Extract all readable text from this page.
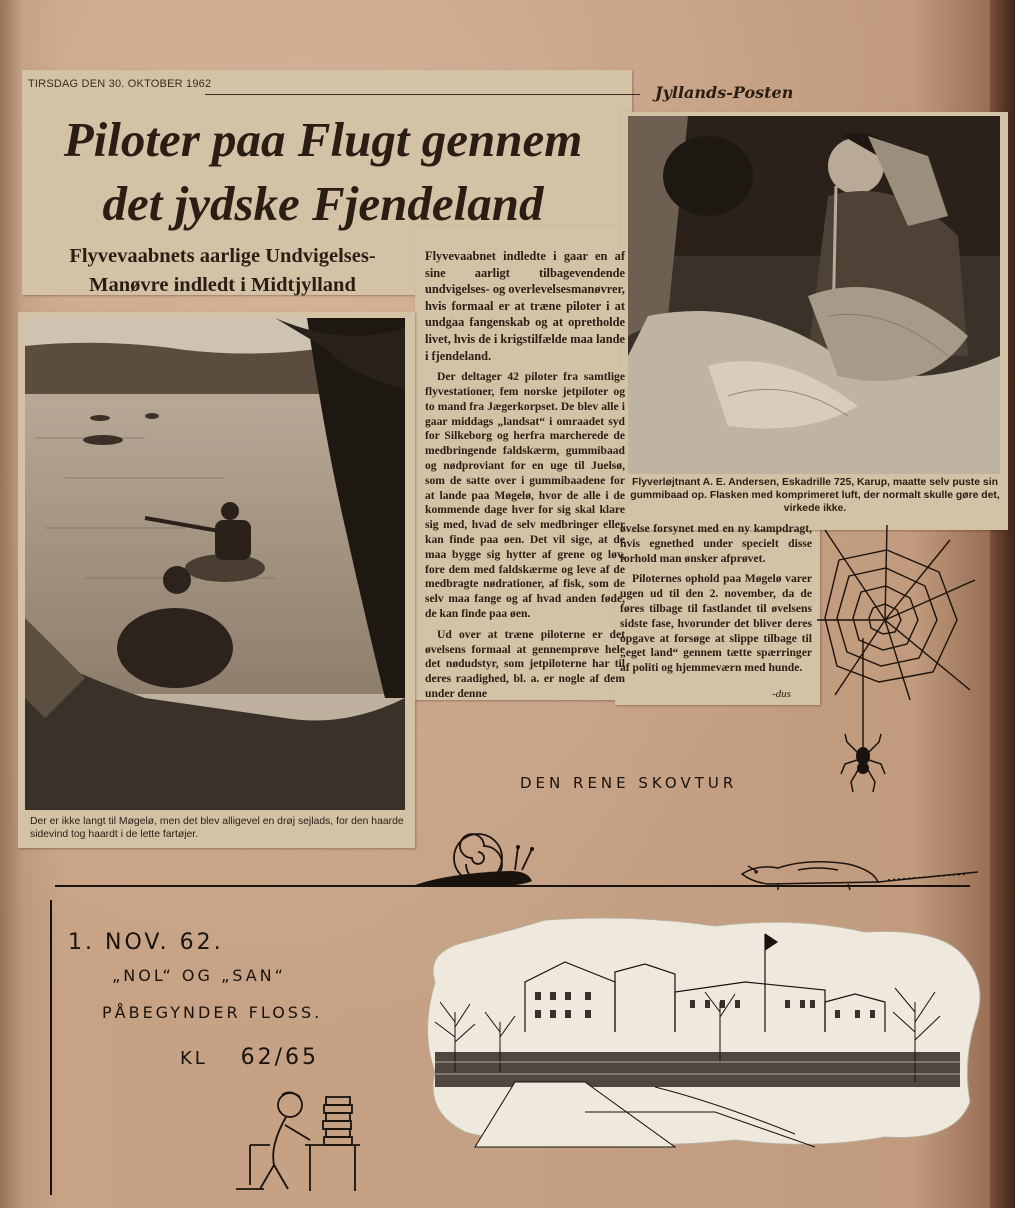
TIRSDAG DEN 30. OKTOBER 1962	Jyllands-Posten
Piloter paa Flugt gennem
det jydske Fjendeland
Flyvevaabnets aarlige Undvigelses-
Manøvre indledt i Midtjylland
Der er ikke langt til Møgelø, men det blev alligevel en drøj sejlads, for den haarde sidevind tog haardt i de lette fartøjer.
Flyverløjtnant A. E. Andersen, Eskadrille 725, Karup, maatte selv puste sin
gummibaad op. Flasken med komprimeret luft, der normalt skulle gøre det,
virkede ikke.

Flyvevaabnet indledte i gaar en af sine aarligt tilbagevendende undvigelses- og overlevelsesmanøvrer, hvis formaal er at træne piloter i at undgaa fangenskab og at opretholde livet, hvis de i krigstilfælde maa lande i fjendeland.

Der deltager 42 piloter fra samtlige flyvestationer, fem norske jetpiloter og to mand fra Jægerkorpset. De blev alle i gaar middags „landsat“ i omraadet syd for Silkeborg og herfra marcherede de medbringende faldskærm, gummibaad og nødproviant for en uge til Juelsø, som de satte over i gummibaadene for at lande paa Møgelø, hvor de alle i de kommende dage hver for sig skal klare sig med, hvad de selv medbringer eller kan finde paa øen. Det vil sige, at de maa bygge sig hytter af grene og løv, fore dem med faldskærme og leve af de medbragte nødrationer, af fisk, som de selv maa fange og af hvad anden føde, de kan finde paa øen.

Ud over at træne piloterne er det øvelsens formaal at gennemprøve hele det nødudstyr, som jetpiloterne har til deres raadighed, bl. a. er nogle af dem under denne

øvelse forsynet med en ny kampdragt, hvis egnethed under specielt disse forhold man ønsker afprøvet.

Piloternes ophold paa Møgelø varer ugen ud til den 2. november, da de føres tilbage til fastlandet til øvelsens sidste fase, hvorunder det bliver deres opgave at forsøge at slippe tilbage til „eget land“ gennem tætte spærringer af politi og hjemmeværn med hunde.

-dus
DEN RENE SKOVTUR
1. NOV. 62.
„NOL“ OG „SAN“
PÅBEGYNDER FLOSS.
KL 62/65
